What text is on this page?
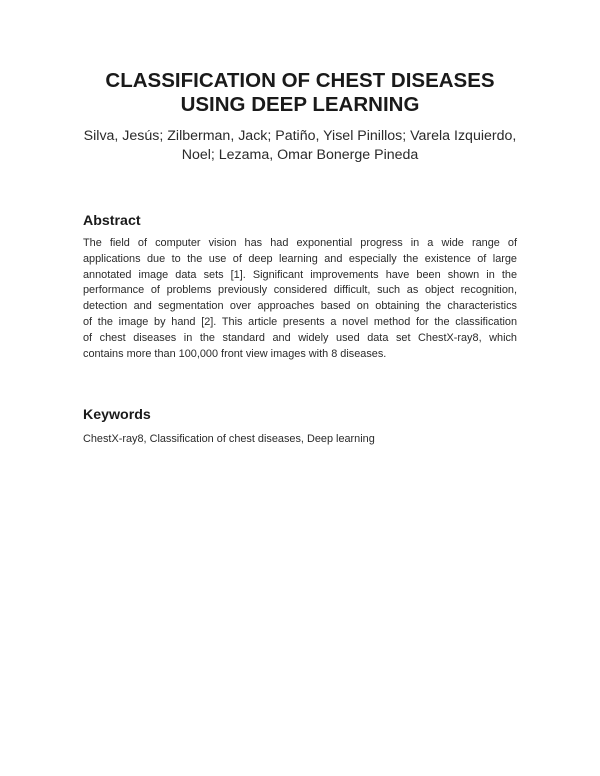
CLASSIFICATION OF CHEST DISEASES
USING DEEP LEARNING
Silva, Jesús; Zilberman, Jack; Patiño, Yisel Pinillos; Varela Izquierdo,
Noel; Lezama, Omar Bonerge Pineda
Abstract
The field of computer vision has had exponential progress in a wide range of
applications due to the use of deep learning and especially the existence of large
annotated image data sets [1]. Significant improvements have been shown in the
performance of problems previously considered difficult, such as object recognition,
detection and segmentation over approaches based on obtaining the characteristics
of the image by hand [2]. This article presents a novel method for the classification
of chest diseases in the standard and widely used data set ChestX-ray8, which
contains more than 100,000 front view images with 8 diseases.
Keywords
ChestX-ray8, Classification of chest diseases, Deep learning
